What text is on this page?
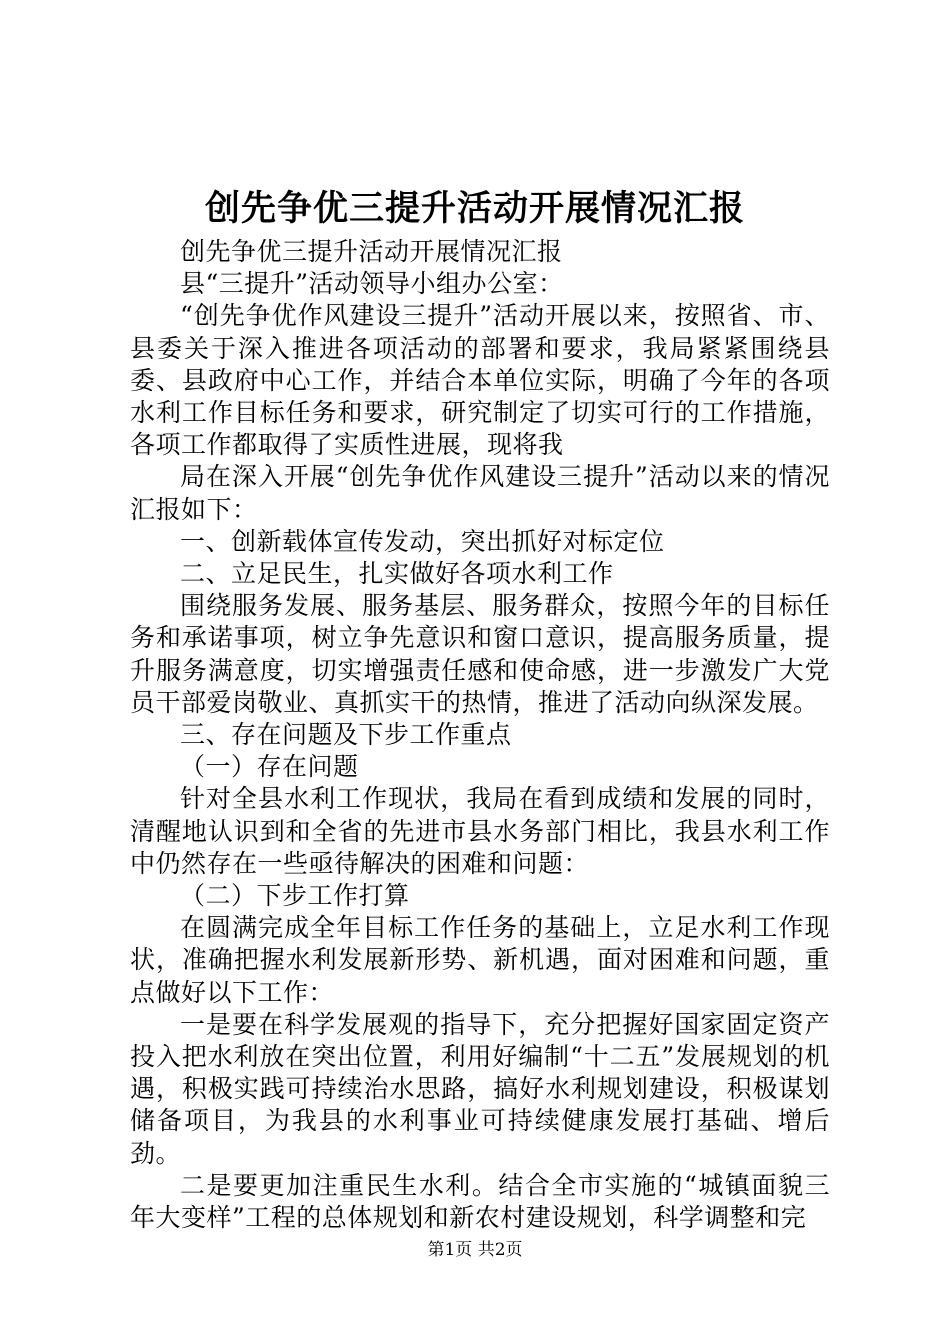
创先争优三提升活动开展情况汇报

创先争优三提升活动开展情况汇报

县“三提升”活动领导小组办公室：

“创先争优作风建设三提升”活动开展以来，按照省、市、县委关于深入推进各项活动的部署和要求，我局紧紧围绕县委、县政府中心工作，并结合本单位实际，明确了今年的各项水利工作目标任务和要求，研究制定了切实可行的工作措施，各项工作都取得了实质性进展，现将我

局在深入开展“创先争优作风建设三提升”活动以来的情况汇报如下：

一、创新载体宣传发动，突出抓好对标定位

二、立足民生，扎实做好各项水利工作

围绕服务发展、服务基层、服务群众，按照今年的目标任务和承诺事项，树立争先意识和窗口意识，提高服务质量，提升服务满意度，切实增强责任感和使命感，进一步激发广大党员干部爱岗敬业、真抓实干的热情，推进了活动向纵深发展。

三、存在问题及下步工作重点

（一）存在问题

针对全县水利工作现状，我局在看到成绩和发展的同时，清醒地认识到和全省的先进市县水务部门相比，我县水利工作中仍然存在一些亟待解决的困难和问题：

（二）下步工作打算

在圆满完成全年目标工作任务的基础上，立足水利工作现状，准确把握水利发展新形势、新机遇，面对困难和问题，重点做好以下工作：

一是要在科学发展观的指导下，充分把握好国家固定资产投入把水利放在突出位置，利用好编制“十二五”发展规划的机遇，积极实践可持续治水思路，搞好水利规划建设，积极谋划储备项目，为我县的水利事业可持续健康发展打基础、增后劲。

二是要更加注重民生水利。结合全市实施的“城镇面貌三年大变样”工程的总体规划和新农村建设规划，科学调整和完

第1页 共2页
